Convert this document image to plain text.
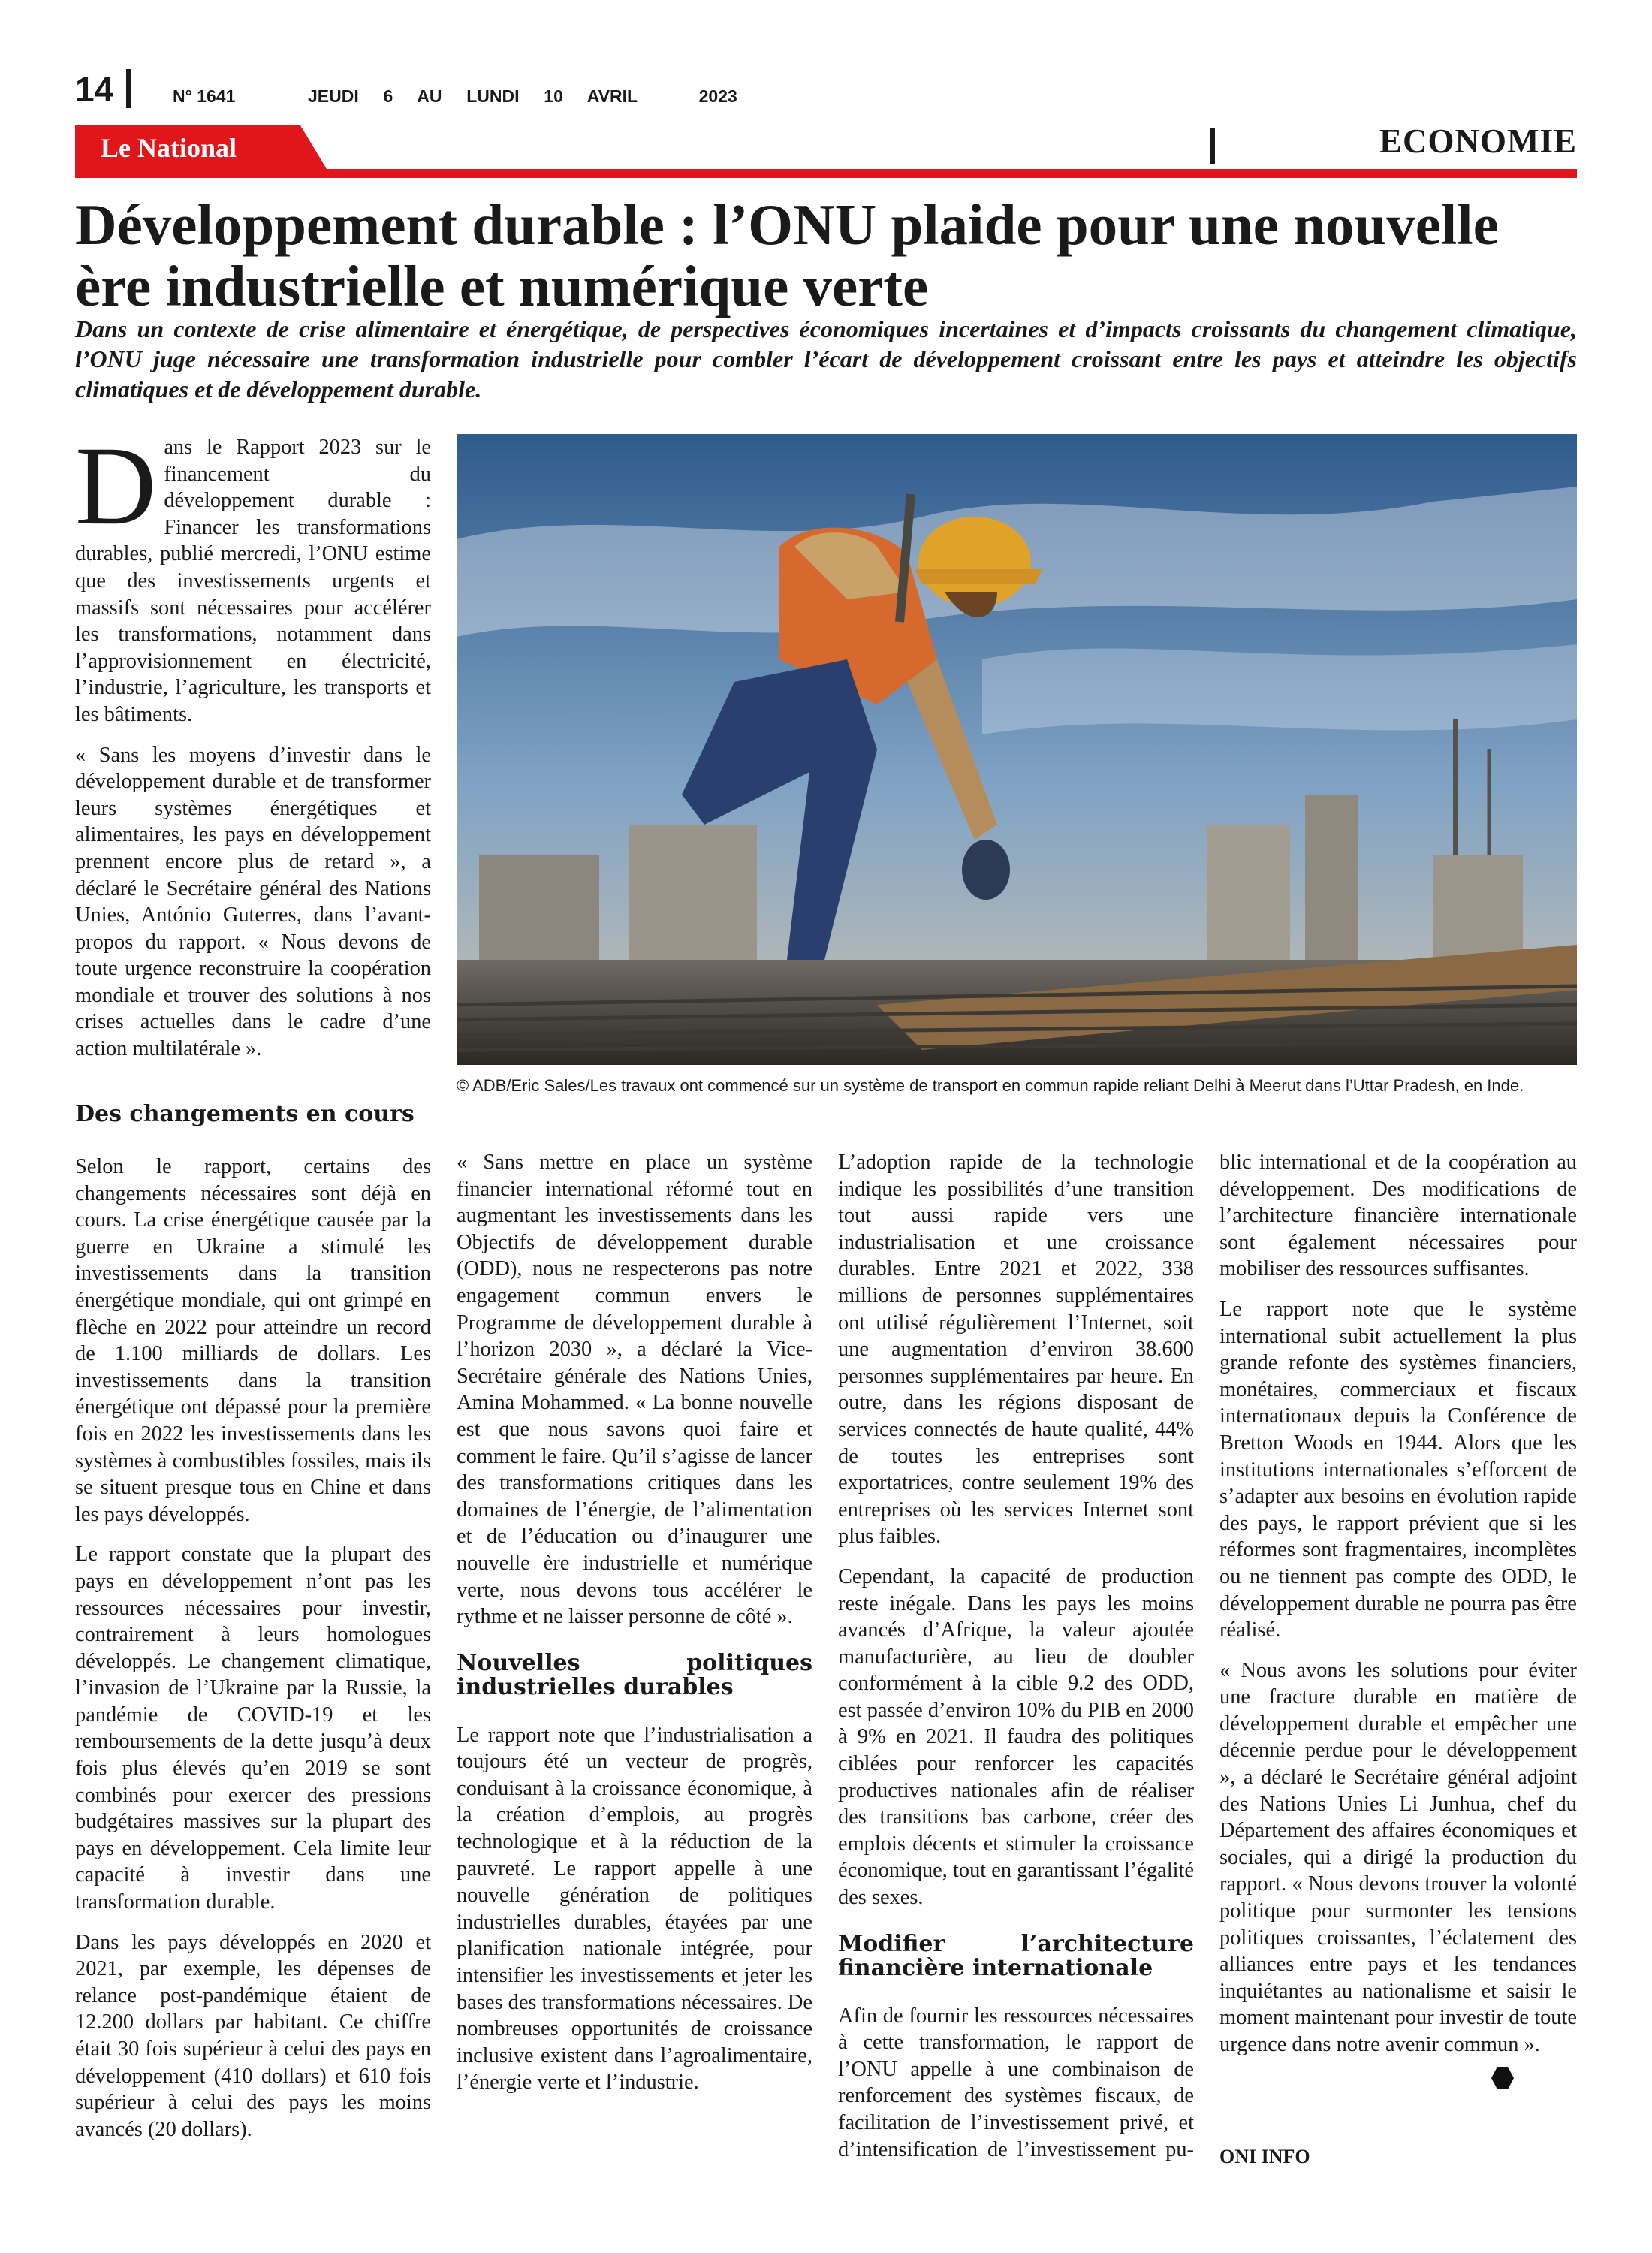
14	N° 1641	JEUDI  6  AU  LUNDI  10  AVRIL     2023
Le National	ECONOMIE
Développement durable : l’ONU plaide pour une nouvelle ère industrielle et numérique verte

Dans un contexte de crise alimentaire et énergétique, de perspectives économiques incertaines et d’impacts croissants du changement climatique, l’ONU juge nécessaire une transformation industrielle pour combler l’écart de développement croissant entre les pays et atteindre les objectifs climatiques et de développement durable.

Dans le Rapport 2023 sur le financement du développement durable : Financer les transformations durables, publié mercredi, l’ONU estime que des investissements urgents et massifs sont nécessaires pour accélérer les transformations, notamment dans l’approvisionnement en électricité, l’industrie, l’agriculture, les transports et les bâtiments.

« Sans les moyens d’investir dans le développement durable et de transformer leurs systèmes énergétiques et alimentaires, les pays en développement prennent encore plus de retard », a déclaré le Secrétaire général des Nations Unies, António Guterres, dans l’avant-propos du rapport. « Nous devons de toute urgence reconstruire la coopération mondiale et trouver des solutions à nos crises actuelles dans le cadre d’une action multilatérale ».

© ADB/Eric Sales/Les travaux ont commencé sur un système de transport en commun rapide reliant Delhi à Meerut dans l’Uttar Pradesh, en Inde.
Des changements en cours

Selon le rapport, certains des changements nécessaires sont déjà en cours. La crise énergétique causée par la guerre en Ukraine a stimulé les investissements dans la transition énergétique mondiale, qui ont grimpé en flèche en 2022 pour atteindre un record de 1.100 milliards de dollars. Les investissements dans la transition énergétique ont dépassé pour la première fois en 2022 les investissements dans les systèmes à combustibles fossiles, mais ils se situent presque tous en Chine et dans les pays développés.

Le rapport constate que la plupart des pays en développement n’ont pas les ressources nécessaires pour investir, contrairement à leurs homologues développés. Le changement climatique, l’invasion de l’Ukraine par la Russie, la pandémie de COVID-19 et les remboursements de la dette jusqu’à deux fois plus élevés qu’en 2019 se sont combinés pour exercer des pressions budgétaires massives sur la plupart des pays en développement. Cela limite leur capacité à investir dans une transformation durable.

Dans les pays développés en 2020 et 2021, par exemple, les dépenses de relance post-pandémique étaient de 12.200 dollars par habitant. Ce chiffre était 30 fois supérieur à celui des pays en développement (410 dollars) et 610 fois supérieur à celui des pays les moins avancés (20 dollars).

« Sans mettre en place un système financier international réformé tout en augmentant les investissements dans les Objectifs de développement durable (ODD), nous ne respecterons pas notre engagement commun envers le Programme de développement durable à l’horizon 2030 », a déclaré la Vice-Secrétaire générale des Nations Unies, Amina Mohammed. « La bonne nouvelle est que nous savons quoi faire et comment le faire. Qu’il s’agisse de lancer des transformations critiques dans les domaines de l’énergie, de l’alimentation et de l’éducation ou d’inaugurer une nouvelle ère industrielle et numérique verte, nous devons tous accélérer le rythme et ne laisser personne de côté ».

Nouvelles politiques industrielles durables

Le rapport note que l’industrialisation a toujours été un vecteur de progrès, conduisant à la croissance économique, à la création d’emplois, au progrès technologique et à la réduction de la pauvreté. Le rapport appelle à une nouvelle génération de politiques industrielles durables, étayées par une planification nationale intégrée, pour intensifier les investissements et jeter les bases des transformations nécessaires. De nombreuses opportunités de croissance inclusive existent dans l’agroalimentaire, l’énergie verte et l’industrie.

L’adoption rapide de la technologie indique les possibilités d’une transition tout aussi rapide vers une industrialisation et une croissance durables. Entre 2021 et 2022, 338 millions de personnes supplémentaires ont utilisé régulièrement l’Internet, soit une augmentation d’environ 38.600 personnes supplémentaires par heure. En outre, dans les régions disposant de services connectés de haute qualité, 44% de toutes les entreprises sont exportatrices, contre seulement 19% des entreprises où les services Internet sont plus faibles.

Cependant, la capacité de production reste inégale. Dans les pays les moins avancés d’Afrique, la valeur ajoutée manufacturière, au lieu de doubler conformément à la cible 9.2 des ODD, est passée d’environ 10% du PIB en 2000 à 9% en 2021. Il faudra des politiques ciblées pour renforcer les capacités productives nationales afin de réaliser des transitions bas carbone, créer des emplois décents et stimuler la croissance économique, tout en garantissant l’égalité des sexes.

Modifier l’architecture financière internationale

Afin de fournir les ressources nécessaires à cette transformation, le rapport de l’ONU appelle à une combinaison de renforcement des systèmes fiscaux, de facilitation de l’investissement privé, et d’intensification de l’investissement pu-

blic international et de la coopération au développement. Des modifications de l’architecture financière internationale sont également nécessaires pour mobiliser des ressources suffisantes.

Le rapport note que le système international subit actuellement la plus grande refonte des systèmes financiers, monétaires, commerciaux et fiscaux internationaux depuis la Conférence de Bretton Woods en 1944. Alors que les institutions internationales s’efforcent de s’adapter aux besoins en évolution rapide des pays, le rapport prévient que si les réformes sont fragmentaires, incomplètes ou ne tiennent pas compte des ODD, le développement durable ne pourra pas être réalisé.

« Nous avons les solutions pour éviter une fracture durable en matière de développement durable et empêcher une décennie perdue pour le développement », a déclaré le Secrétaire général adjoint des Nations Unies Li Junhua, chef du Département des affaires économiques et sociales, qui a dirigé la production du rapport. « Nous devons trouver la volonté politique pour surmonter les tensions politiques croissantes, l’éclatement des alliances entre pays et les tendances inquiétantes au nationalisme et saisir le moment maintenant pour investir de toute urgence dans notre avenir commun ».

ONI INFO
